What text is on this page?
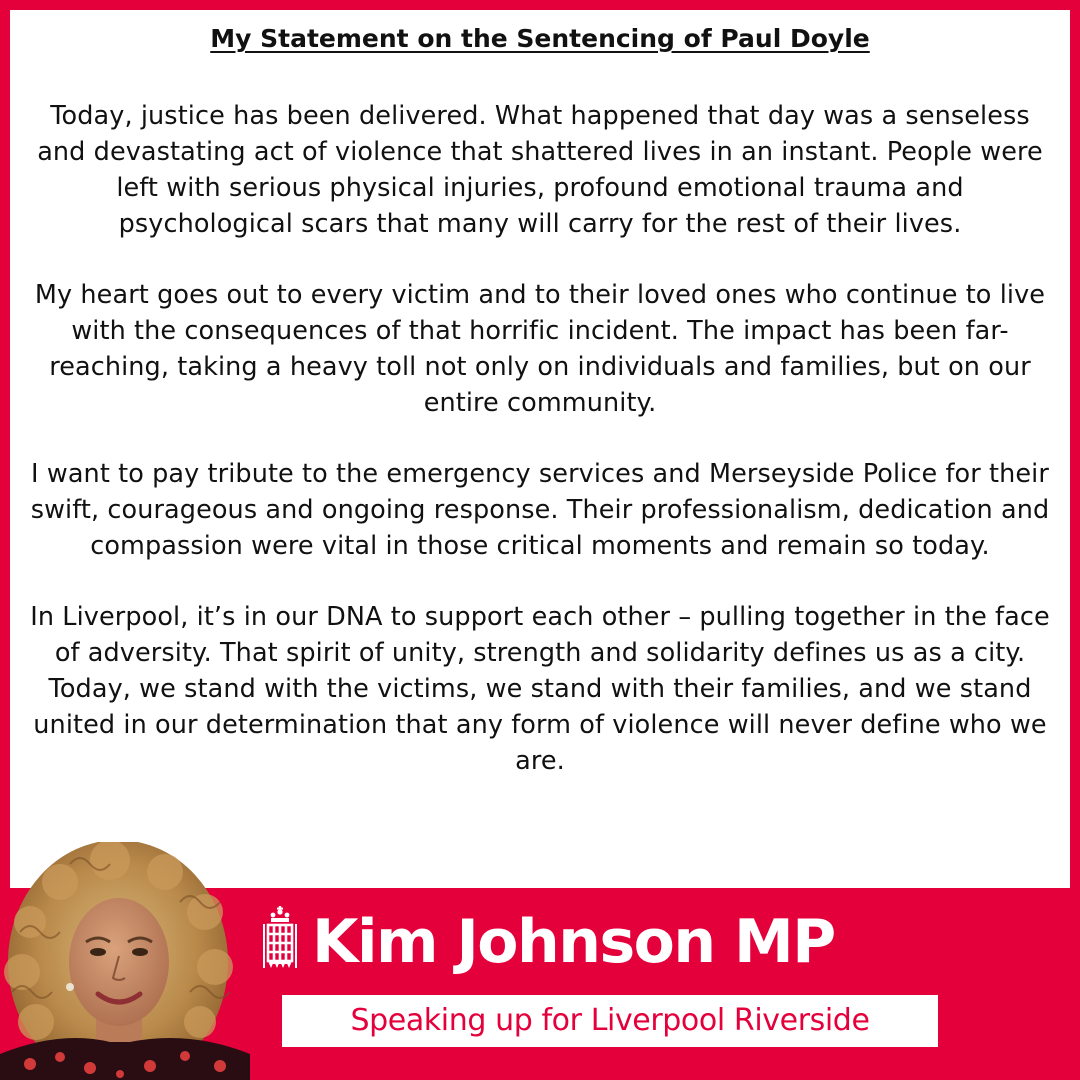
My Statement on the Sentencing of Paul Doyle

Today, justice has been delivered. What happened that day was a senseless and devastating act of violence that shattered lives in an instant. People were left with serious physical injuries, profound emotional trauma and psychological scars that many will carry for the rest of their lives.

My heart goes out to every victim and to their loved ones who continue to live with the consequences of that horrific incident. The impact has been far-reaching, taking a heavy toll not only on individuals and families, but on our entire community.

I want to pay tribute to the emergency services and Merseyside Police for their swift, courageous and ongoing response. Their professionalism, dedication and compassion were vital in those critical moments and remain so today.

In Liverpool, it’s in our DNA to support each other – pulling together in the face of adversity. That spirit of unity, strength and solidarity defines us as a city. Today, we stand with the victims, we stand with their families, and we stand united in our determination that any form of violence will never define who we are.

Kim Johnson MP
Speaking up for Liverpool Riverside
